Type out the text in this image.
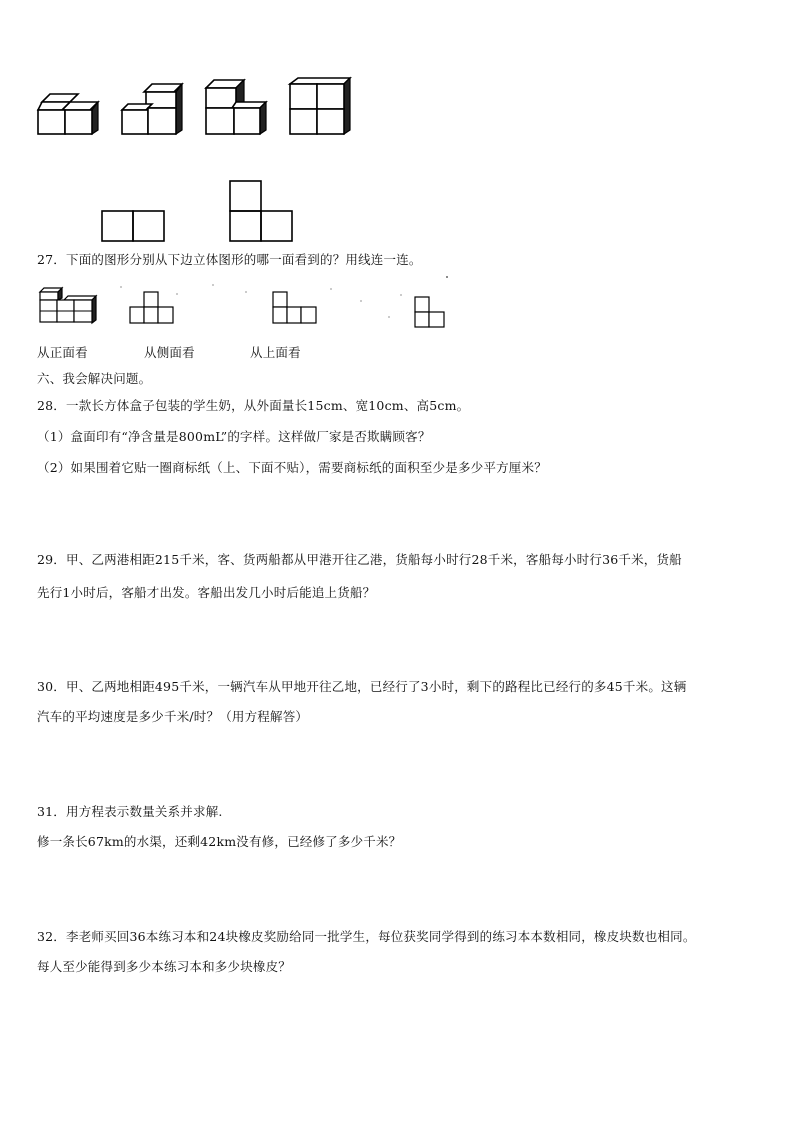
27．下面的图形分别从下边立体图形的哪一面看到的？用线连一连。
从正面看	从侧面看	从上面看
六、我会解决问题。
28．一款长方体盒子包装的学生奶，从外面量长15cm、宽10cm、高5cm。
（1）盒面印有“净含量是800mL”的字样。这样做厂家是否欺瞒顾客？
（2）如果围着它贴一圈商标纸（上、下面不贴），需要商标纸的面积至少是多少平方厘米？
29．甲、乙两港相距215千米，客、货两船都从甲港开往乙港，货船每小时行28千米，客船每小时行36千米，货船
先行1小时后，客船才出发。客船出发几小时后能追上货船？
30．甲、乙两地相距495千米，一辆汽车从甲地开往乙地，已经行了3小时，剩下的路程比已经行的多45千米。这辆
汽车的平均速度是多少千米/时？（用方程解答）
31．用方程表示数量关系并求解.
修一条长67km的水渠，还剩42km没有修，已经修了多少千米？
32．李老师买回36本练习本和24块橡皮奖励给同一批学生，每位获奖同学得到的练习本本数相同，橡皮块数也相同。
每人至少能得到多少本练习本和多少块橡皮？
